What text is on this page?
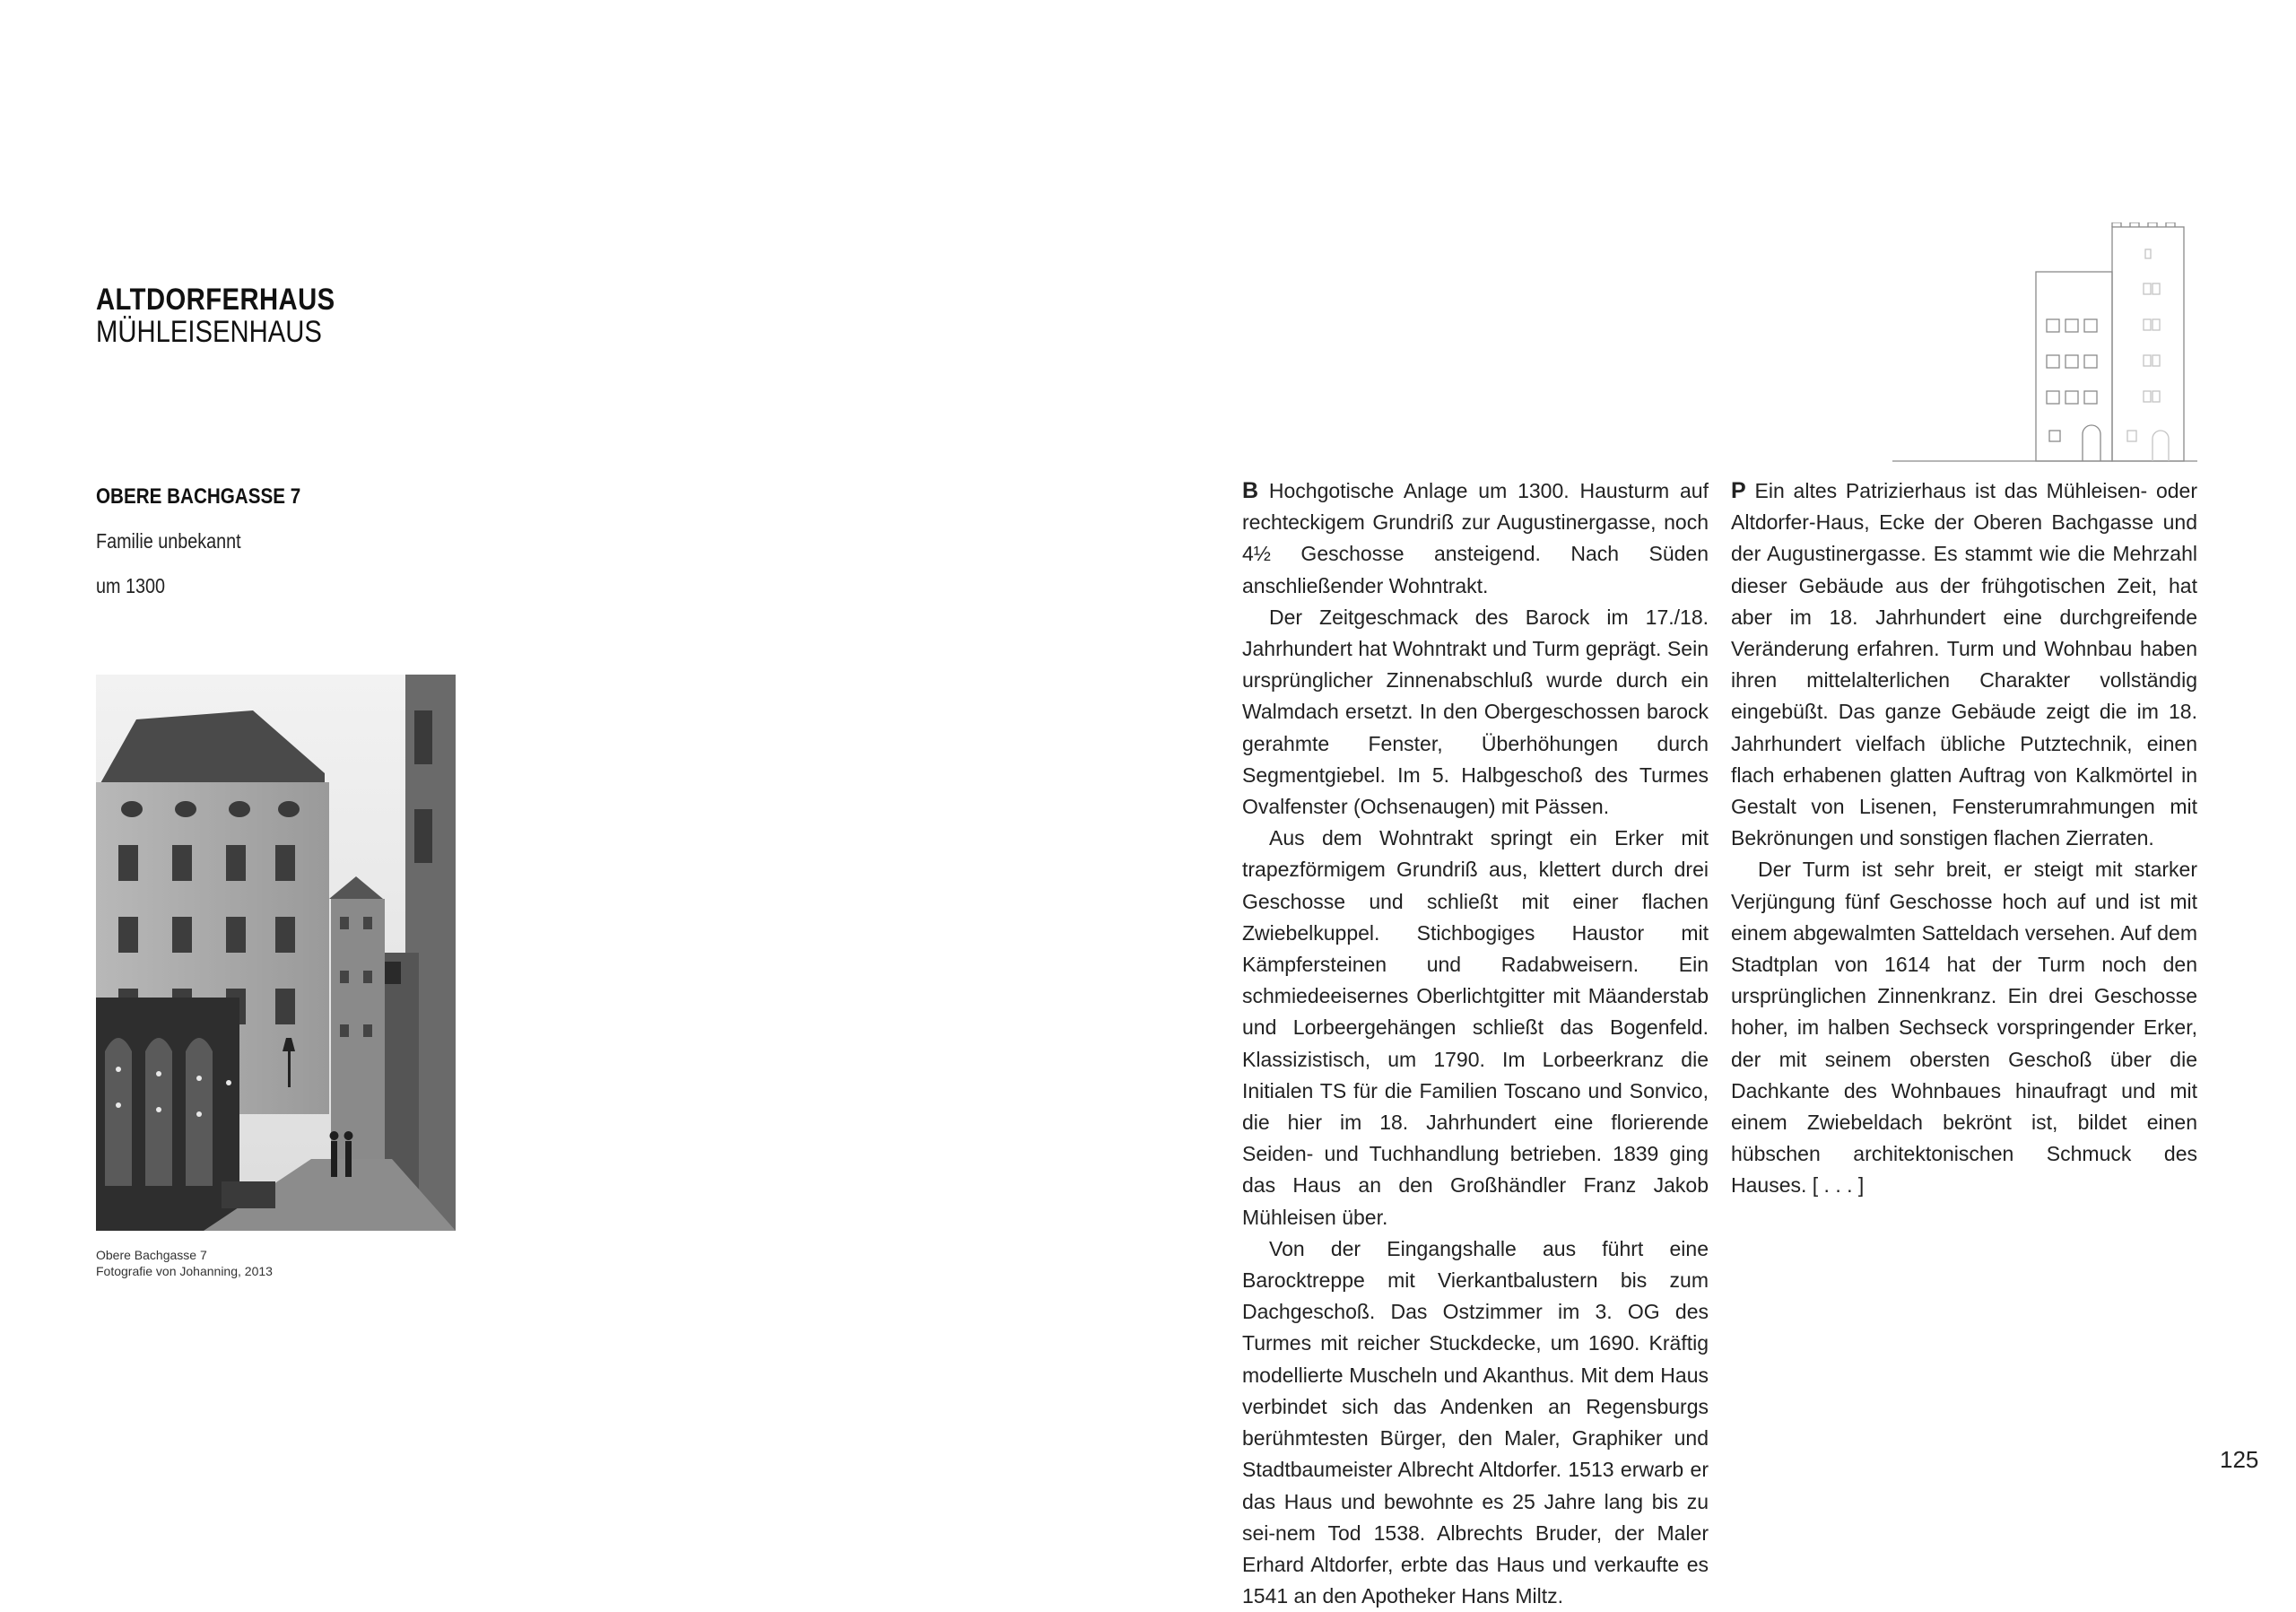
ALTDORFERHAUS
MÜHLEISENHAUS
OBERE BACHGASSE 7
Familie unbekannt
um 1300
Obere Bachgasse 7
Fotografie von Johanning, 2013

B Hochgotische Anlage um 1300. Hausturm auf rechteckigem Grundriß zur Augustinergasse, noch 4½ Geschosse ansteigend. Nach Süden anschließender Wohntrakt.

Der Zeitgeschmack des Barock im 17./18. Jahrhundert hat Wohntrakt und Turm geprägt. Sein ursprünglicher Zinnenabschluß wurde durch ein Walmdach ersetzt. In den Obergeschossen barock gerahmte Fenster, Überhöhungen durch Segmentgiebel. Im 5. Halbgeschoß des Turmes Ovalfenster (Ochsenaugen) mit Pässen.

Aus dem Wohntrakt springt ein Erker mit trapezförmigem Grundriß aus, klettert durch drei Geschosse und schließt mit einer flachen Zwiebelkuppel. Stichbogiges Haustor mit Kämpfersteinen und Radabweisern. Ein schmiedeeisernes Oberlichtgitter mit Mäanderstab und Lorbeergehängen schließt das Bogenfeld. Klassizistisch, um 1790. Im Lorbeerkranz die Initialen TS für die Familien Toscano und Sonvico, die hier im 18. Jahrhundert eine florierende Seiden- und Tuchhandlung betrieben. 1839 ging das Haus an den Großhändler Franz Jakob Mühleisen über.

Von der Eingangshalle aus führt eine Barocktreppe mit Vierkantbalustern bis zum Dachgeschoß. Das Ostzimmer im 3. OG des Turmes mit reicher Stuckdecke, um 1690. Kräftig modellierte Muscheln und Akanthus. Mit dem Haus verbindet sich das Andenken an Regensburgs berühmtesten Bürger, den Maler, Graphiker und Stadtbaumeister Albrecht Altdorfer. 1513 erwarb er das Haus und bewohnte es 25 Jahre lang bis zu sei-nem Tod 1538. Albrechts Bruder, der Maler Erhard Altdorfer, erbte das Haus und verkaufte es 1541 an den Apotheker Hans Miltz.

P Ein altes Patrizierhaus ist das Mühleisen- oder Altdorfer-Haus, Ecke der Oberen Bachgasse und der Augustinergasse. Es stammt wie die Mehrzahl dieser Gebäude aus der frühgotischen Zeit, hat aber im 18. Jahrhundert eine durchgreifende Veränderung erfahren. Turm und Wohnbau haben ihren mittelalterlichen Charakter vollständig eingebüßt. Das ganze Gebäude zeigt die im 18. Jahrhundert vielfach übliche Putztechnik, einen flach erhabenen glatten Auftrag von Kalkmörtel in Gestalt von Lisenen, Fensterumrahmungen mit Bekrönungen und sonstigen flachen Zierraten.

Der Turm ist sehr breit, er steigt mit starker Verjüngung fünf Geschosse hoch auf und ist mit einem abgewalmten Satteldach versehen. Auf dem Stadtplan von 1614 hat der Turm noch den ursprünglichen Zinnenkranz. Ein drei Geschosse hoher, im halben Sechseck vorspringender Erker, der mit seinem obersten Geschoß über die Dachkante des Wohnbaues hinaufragt und mit einem Zwiebeldach bekrönt ist, bildet einen hübschen architektonischen Schmuck des Hauses. [ . . . ]

125
